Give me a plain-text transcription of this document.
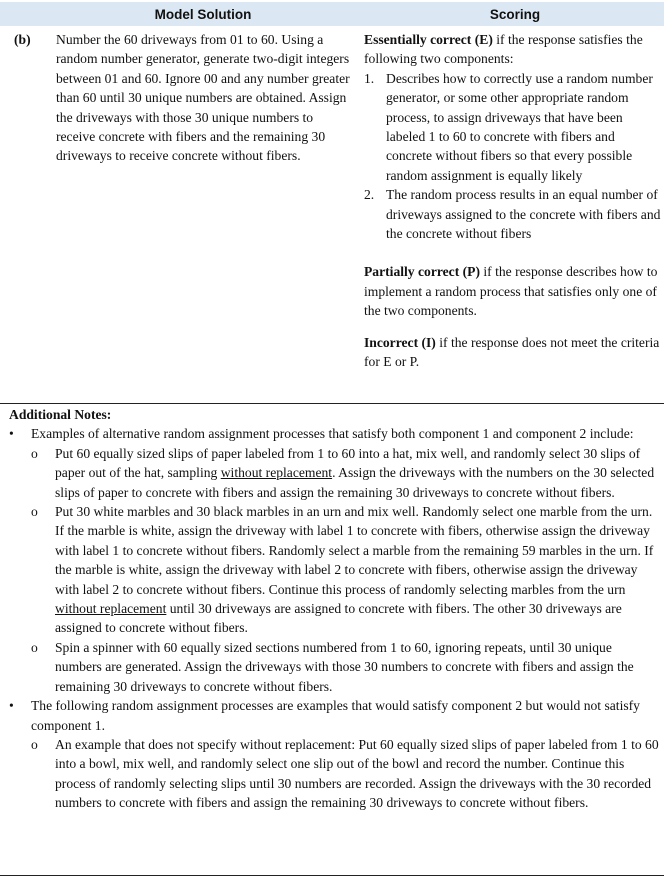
Model Solution	Scoring
(b) Number the 60 driveways from 01 to 60. Using a random number generator, generate two-digit integers between 01 and 60. Ignore 00 and any number greater than 60 until 30 unique numbers are obtained. Assign the driveways with those 30 unique numbers to receive concrete with fibers and the remaining 30 driveways to receive concrete without fibers.

Essentially correct (E) if the response satisfies the following two components:

1. Describes how to correctly use a random number generator, or some other appropriate random process, to assign driveways that have been labeled 1 to 60 to concrete with fibers and concrete without fibers so that every possible random assignment is equally likely
2. The random process results in an equal number of driveways assigned to the concrete with fibers and the concrete without fibers

Partially correct (P) if the response describes how to implement a random process that satisfies only one of the two components.

Incorrect (I) if the response does not meet the criteria for E or P.

Additional Notes:
• Examples of alternative random assignment processes that satisfy both component 1 and component 2 include:
o Put 60 equally sized slips of paper labeled from 1 to 60 into a hat, mix well, and randomly select 30 slips of paper out of the hat, sampling without replacement. Assign the driveways with the numbers on the 30 selected slips of paper to concrete with fibers and assign the remaining 30 driveways to concrete without fibers.
o Put 30 white marbles and 30 black marbles in an urn and mix well. Randomly select one marble from the urn. If the marble is white, assign the driveway with label 1 to concrete with fibers, otherwise assign the driveway with label 1 to concrete without fibers. Randomly select a marble from the remaining 59 marbles in the urn. If the marble is white, assign the driveway with label 2 to concrete with fibers, otherwise assign the driveway with label 2 to concrete without fibers. Continue this process of randomly selecting marbles from the urn without replacement until 30 driveways are assigned to concrete with fibers. The other 30 driveways are assigned to concrete without fibers.
o Spin a spinner with 60 equally sized sections numbered from 1 to 60, ignoring repeats, until 30 unique numbers are generated. Assign the driveways with those 30 numbers to concrete with fibers and assign the remaining 30 driveways to concrete without fibers.
• The following random assignment processes are examples that would satisfy component 2 but would not satisfy component 1.
o An example that does not specify without replacement: Put 60 equally sized slips of paper labeled from 1 to 60 into a bowl, mix well, and randomly select one slip out of the bowl and record the number. Continue this process of randomly selecting slips until 30 numbers are recorded. Assign the driveways with the 30 recorded numbers to concrete with fibers and assign the remaining 30 driveways to concrete without fibers.
